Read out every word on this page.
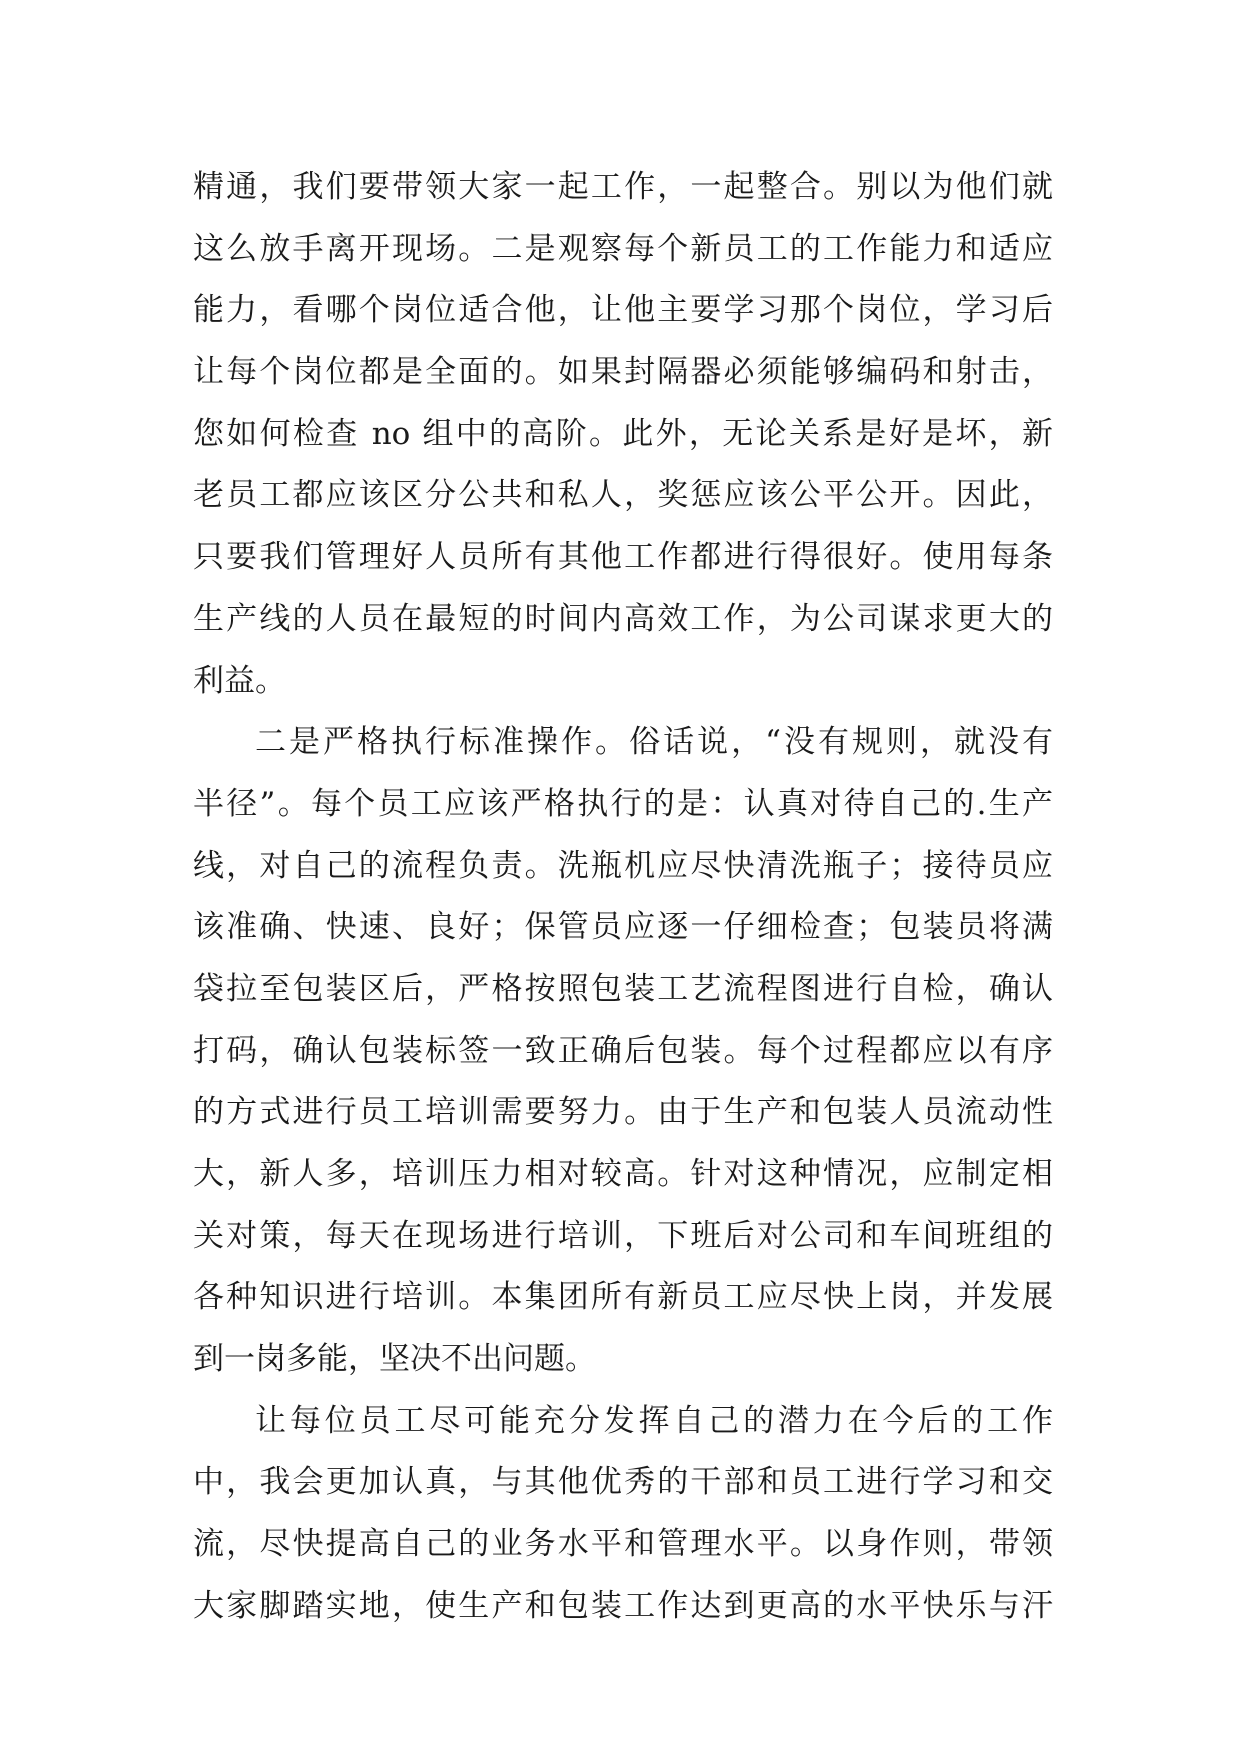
精通，我们要带领大家一起工作，一起整合。别以为他们就
这么放手离开现场。二是观察每个新员工的工作能力和适应
能力，看哪个岗位适合他，让他主要学习那个岗位，学习后
让每个岗位都是全面的。如果封隔器必须能够编码和射击，
您如何检查 no 组中的高阶。此外，无论关系是好是坏，新
老员工都应该区分公共和私人，奖惩应该公平公开。因此，
只要我们管理好人员所有其他工作都进行得很好。使用每条
生产线的人员在最短的时间内高效工作，为公司谋求更大的
利益。
二是严格执行标准操作。俗话说，“没有规则，就没有
半径”。每个员工应该严格执行的是：认真对待自己的.生产
线，对自己的流程负责。洗瓶机应尽快清洗瓶子；接待员应
该准确、快速、良好；保管员应逐一仔细检查；包装员将满
袋拉至包装区后，严格按照包装工艺流程图进行自检，确认
打码，确认包装标签一致正确后包装。每个过程都应以有序
的方式进行员工培训需要努力。由于生产和包装人员流动性
大，新人多，培训压力相对较高。针对这种情况，应制定相
关对策，每天在现场进行培训，下班后对公司和车间班组的
各种知识进行培训。本集团所有新员工应尽快上岗，并发展
到一岗多能，坚决不出问题。
让每位员工尽可能充分发挥自己的潜力在今后的工作
中，我会更加认真，与其他优秀的干部和员工进行学习和交
流，尽快提高自己的业务水平和管理水平。以身作则，带领
大家脚踏实地，使生产和包装工作达到更高的水平快乐与汗
